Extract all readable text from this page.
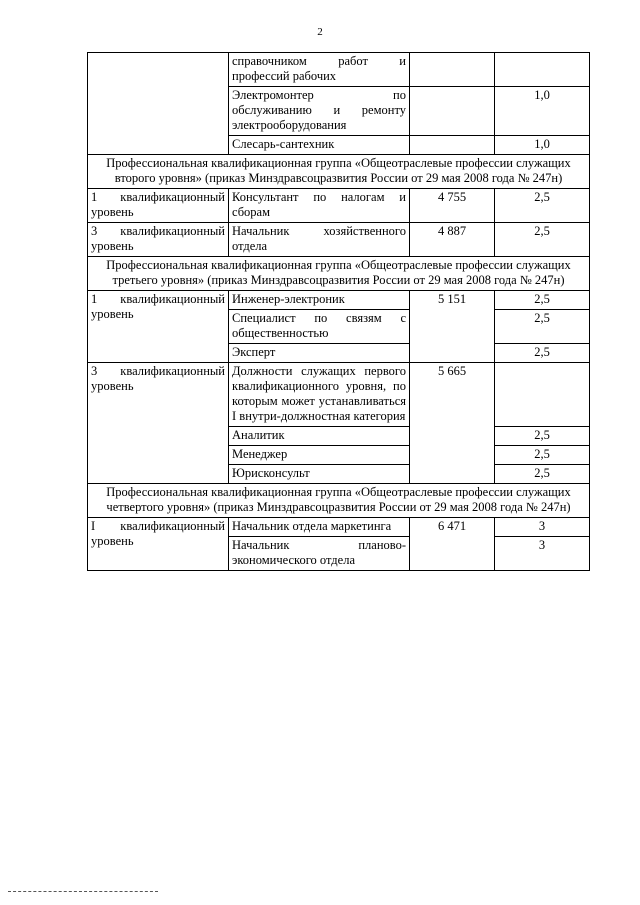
2
	справочником работ и профессий рабочих		
	Электромонтер по обслуживанию и ремонту электрооборудования		1,0
	Слесарь-сантехник		1,0
Профессиональная квалификационная группа «Общеотраслевые профессии служащих второго уровня» (приказ Минздравсоцразвития России от 29 мая 2008 года № 247н)			
1 квалификационный уровень	Консультант по налогам и сборам	4 755	2,5
3 квалификационный уровень	Начальник хозяйственного отдела	4 887	2,5
Профессиональная квалификационная группа «Общеотраслевые профессии служащих третьего уровня» (приказ Минздравсоцразвития России от 29 мая 2008 года № 247н)			
1 квалификационный уровень	Инженер-электроник	5 151	2,5
	Специалист по связям с общественностью		2,5
	Эксперт		2,5
3 квалификационный уровень	Должности служащих первого квалификационного уровня, по которым может устанавливаться I внутри-должностная категория	5 665	
	Аналитик		2,5
	Менеджер		2,5
	Юрисконсульт		2,5
Профессиональная квалификационная группа «Общеотраслевые профессии служащих четвертого уровня» (приказ Минздравсоцразвития России от 29 мая 2008 года № 247н)			
I квалификационный уровень	Начальник отдела маркетинга	6 471	3
	Начальник планово-экономического отдела		3
